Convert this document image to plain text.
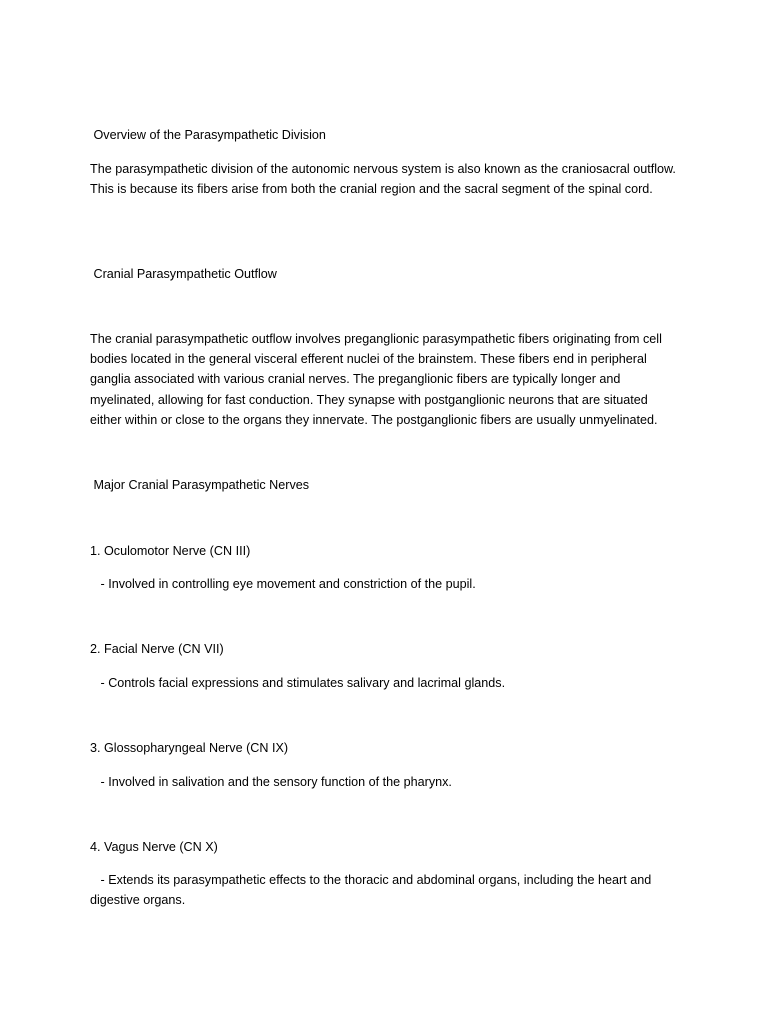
Overview of the Parasympathetic Division

The parasympathetic division of the autonomic nervous system is also known as the craniosacral outflow. This is because its fibers arise from both the cranial region and the sacral segment of the spinal cord.

Cranial Parasympathetic Outflow

The cranial parasympathetic outflow involves preganglionic parasympathetic fibers originating from cell bodies located in the general visceral efferent nuclei of the brainstem. These fibers end in peripheral ganglia associated with various cranial nerves. The preganglionic fibers are typically longer and myelinated, allowing for fast conduction. They synapse with postganglionic neurons that are situated either within or close to the organs they innervate. The postganglionic fibers are usually unmyelinated.

Major Cranial Parasympathetic Nerves

1. Oculomotor Nerve (CN III)

- Involved in controlling eye movement and constriction of the pupil.

2. Facial Nerve (CN VII)

- Controls facial expressions and stimulates salivary and lacrimal glands.

3. Glossopharyngeal Nerve (CN IX)

- Involved in salivation and the sensory function of the pharynx.

4. Vagus Nerve (CN X)

- Extends its parasympathetic effects to the thoracic and abdominal organs, including the heart and digestive organs.
